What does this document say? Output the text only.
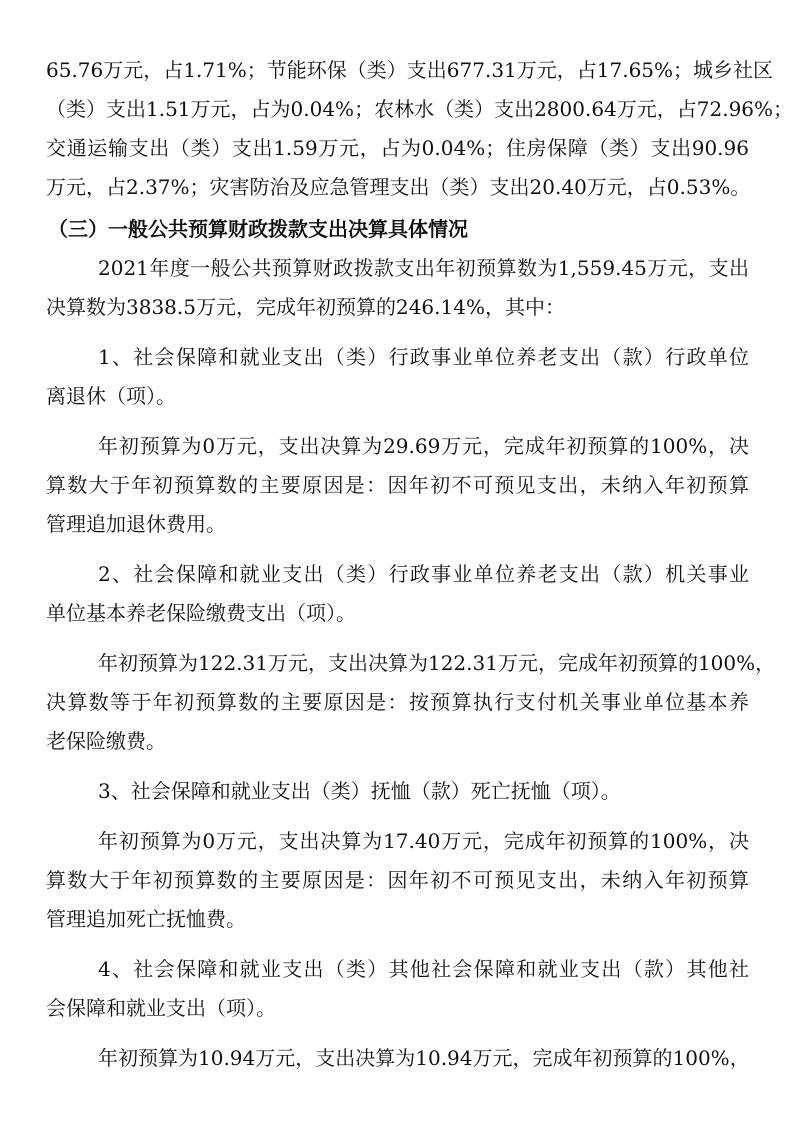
65.76万元，占1.71%；节能环保（类）支出677.31万元，占17.65%；城乡社区
（类）支出1.51万元，占为0.04%；农林水（类）支出2800.64万元，占72.96%；
交通运输支出（类）支出1.59万元，占为0.04%；住房保障（类）支出90.96
万元，占2.37%；灾害防治及应急管理支出（类）支出20.40万元，占0.53%。
（三）一般公共预算财政拨款支出决算具体情况
2021年度一般公共预算财政拨款支出年初预算数为1,559.45万元，支出
决算数为3838.5万元，完成年初预算的246.14%，其中：
1、社会保障和就业支出（类）行政事业单位养老支出（款）行政单位
离退休（项）。
年初预算为0万元，支出决算为29.69万元，完成年初预算的100%，决
算数大于年初预算数的主要原因是：因年初不可预见支出，未纳入年初预算
管理追加退休费用。
2、社会保障和就业支出（类）行政事业单位养老支出（款）机关事业
单位基本养老保险缴费支出（项）。
年初预算为122.31万元，支出决算为122.31万元，完成年初预算的100%，
决算数等于年初预算数的主要原因是：按预算执行支付机关事业单位基本养
老保险缴费。
3、社会保障和就业支出（类）抚恤（款）死亡抚恤（项）。
年初预算为0万元，支出决算为17.40万元，完成年初预算的100%，决
算数大于年初预算数的主要原因是：因年初不可预见支出，未纳入年初预算
管理追加死亡抚恤费。
4、社会保障和就业支出（类）其他社会保障和就业支出（款）其他社
会保障和就业支出（项）。
年初预算为10.94万元，支出决算为10.94万元，完成年初预算的100%，
